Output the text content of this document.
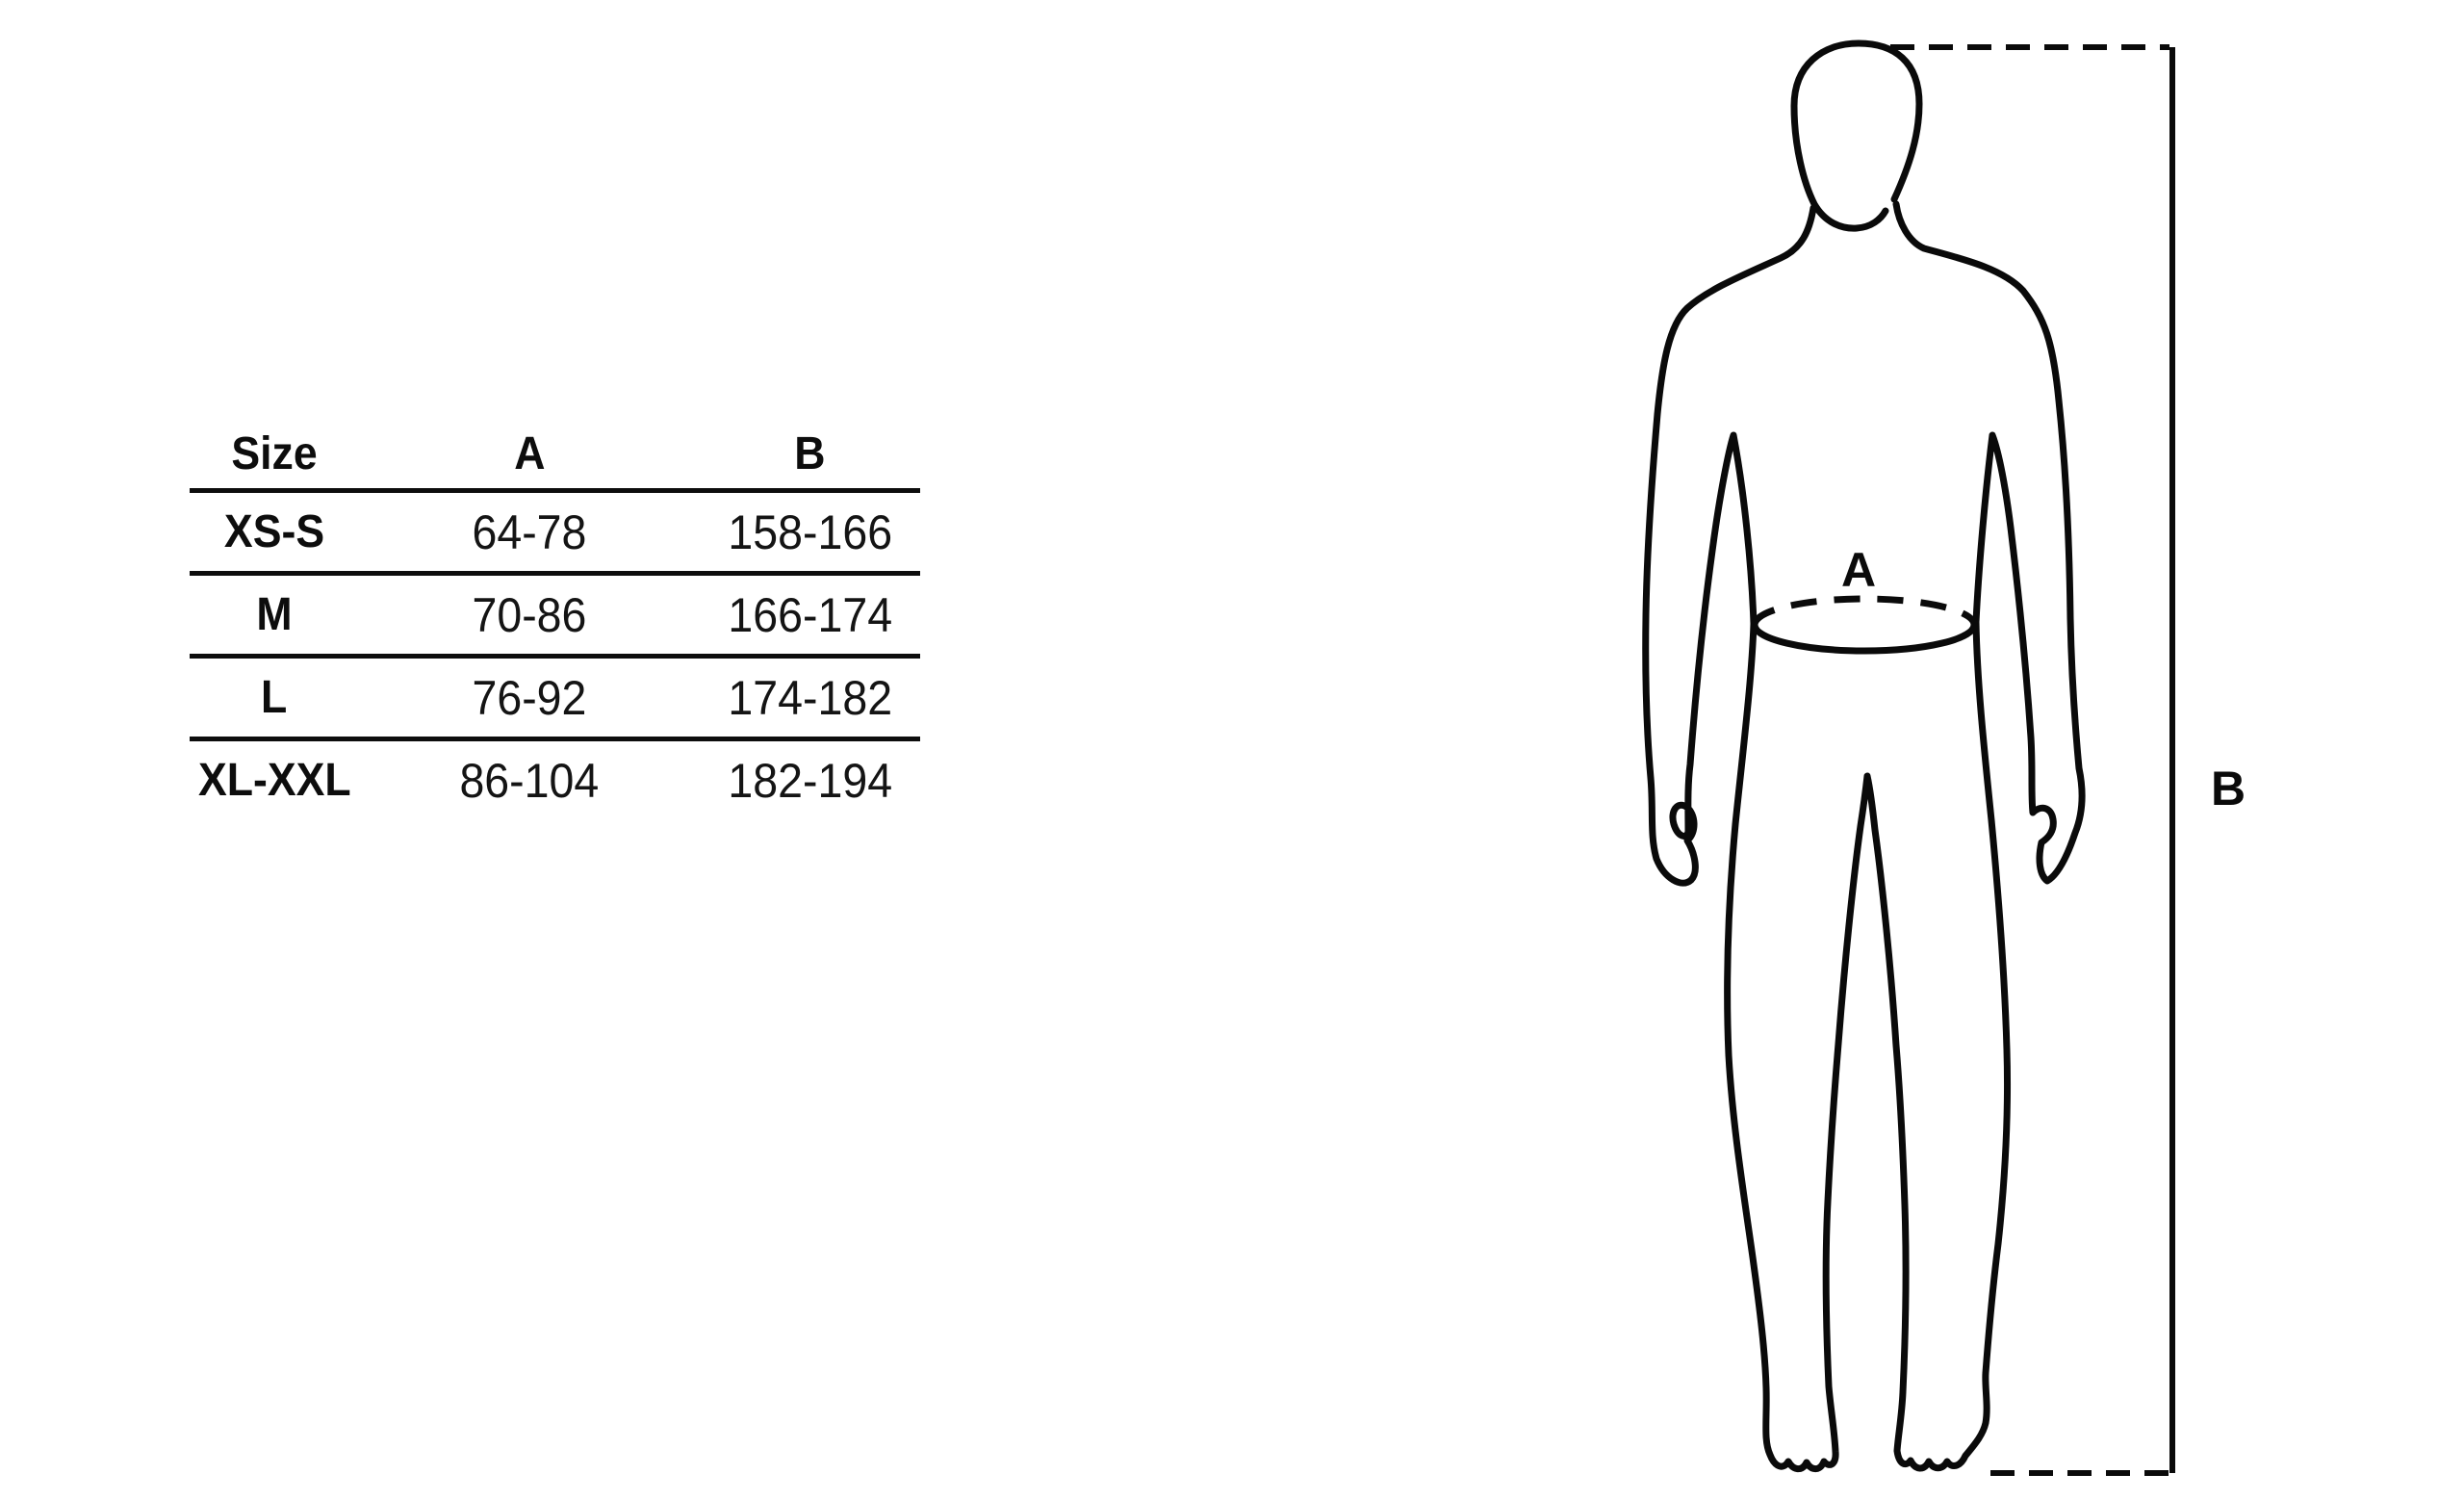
Size	A	B
XS-S	64-78	158-166
M	70-86	166-174
L	76-92	174-182
XL-XXL	86-104	182-194
A
B
